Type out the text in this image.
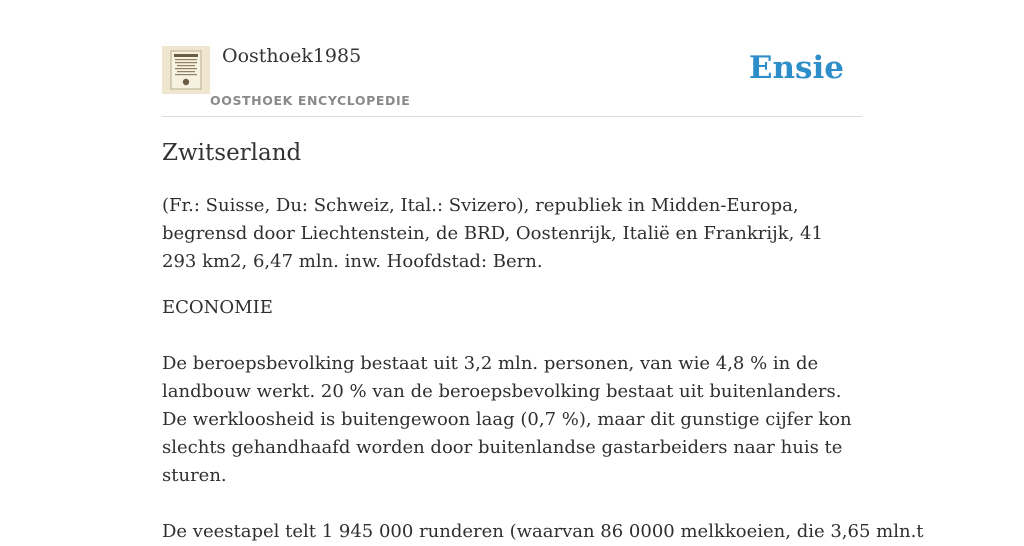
Oosthoek1985
OOSTHOEK ENCYCLOPEDIE
Ensie
Zwitserland

(Fr.: Suisse, Du: Schweiz, Ital.: Svizero), republiek in Midden-Europa, begrensd door Liechtenstein, de BRD, Oostenrijk, Italië en Frankrijk, 41 293 km2, 6,47 mln. inw. Hoofdstad: Bern.

ECONOMIE

De beroepsbevolking bestaat uit 3,2 mln. personen, van wie 4,8 % in de landbouw werkt. 20 % van de beroepsbevolking bestaat uit buitenlanders. De werkloosheid is buitengewoon laag (0,7 %), maar dit gunstige cijfer kon slechts gehandhaafd worden door buitenlandse gastarbeiders naar huis te sturen.

De veestapel telt 1 945 000 runderen (waarvan 86 0000 melkkoeien, die 3,65 mln.t
